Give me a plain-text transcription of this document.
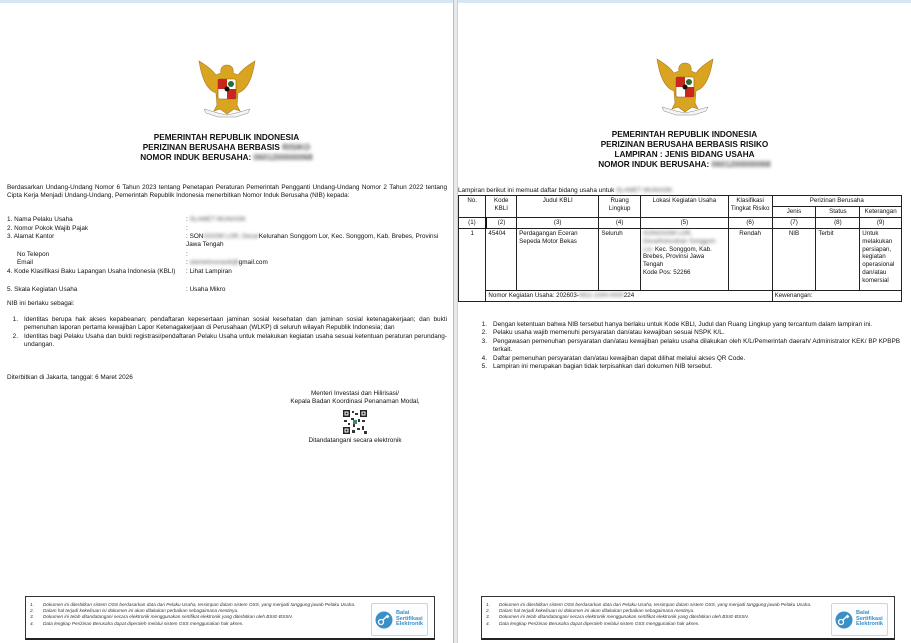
PEMERINTAH REPUBLIK INDONESIA
PERIZINAN BERUSAHA BERBASIS RISIKO
NOMOR INDUK BERUSAHA: 0601200000068
Berdasarkan Undang-Undang Nomor 6 Tahun 2023 tentang Penetapan Peraturan Pemerintah Pengganti Undang-Undang Nomor 2 Tahun 2022 tentang Cipta Kerja Menjadi Undang-Undang, Pemerintah Republik Indonesia menerbitkan Nomor Induk Berusaha (NIB) kepada:
1. Nama Pelaku Usaha	: SLAMET MUNASIK
2. Nomor Pokok Wajib Pajak	:
3. Alamat Kantor	: SONGGOM LOR, Desa/Kelurahan Songgom Lor, Kec. Songgom, Kab. Brebes, Provinsi Jawa Tengah
No Telepon	:
Email	: slametmunasik@gmail.com
4. Kode Klasifikasi Baku Lapangan Usaha Indonesia (KBLI)	: Lihat Lampiran
5. Skala Kegiatan Usaha	: Usaha Mikro
NIB ini berlaku sebagai:
1. Identitas berupa hak akses kepabeanan; pendaftaran kepesertaan jaminan sosial kesehatan dan jaminan sosial ketenagakerjaan; dan bukti pemenuhan laporan pertama kewajiban Lapor Ketenagakerjaan di Perusahaan (WLKP) di seluruh wilayah Republik Indonesia; dan
2. Identitas bagi Pelaku Usaha dan bukti registrasi/pendaftaran Pelaku Usaha untuk melakukan kegiatan usaha sesuai ketentuan peraturan perundang-undangan.
Diterbitkan di Jakarta, tanggal: 6 Maret 2026
Menteri Investasi dan Hilirisasi/
Kepala Badan Koordinasi Penanaman Modal,
Ditandatangani secara elektronik
1.	Dokumen ini diterbitkan sistem OSS berdasarkan data dari Pelaku Usaha, tersimpan dalam sistem OSS, yang menjadi tanggung jawab Pelaku Usaha.
2.	Dalam hal terjadi kekeliruan isi dokumen ini akan dilakukan perbaikan sebagaimana mestinya.
3.	Dokumen ini telah ditandatangani secara elektronik menggunakan sertifikat elektronik yang diterbitkan oleh BSrE-BSSN.
4.	Data lengkap Perizinan Berusaha dapat diperoleh melalui sistem OSS menggunakan hak akses.
Balai
Sertifikasi
Elektronik
PEMERINTAH REPUBLIK INDONESIA
PERIZINAN BERUSAHA BERBASIS RISIKO
LAMPIRAN : JENIS BIDANG USAHA
NOMOR INDUK BERUSAHA: 0601200000068
Lampiran berikut ini memuat daftar bidang usaha untuk SLAMET MUNASIK
No.	Kode KBLI	Judul KBLI	Ruang Lingkup	Lokasi Kegiatan Usaha	Klasifikasi Tingkat Risiko	Perizinan Berusaha		
						Jenis	Status	Keterangan
(1)	(2)	(3)	(4)	(5)	(6)	(7)	(8)	(9)
1	45404	Perdagangan Eceran Sepeda Motor Bekas	Seluruh	SONGGOM LOR, Desa/Kelurahan Songgom Lor, Kec. Songgom, Kab. Brebes, Provinsi Jawa Tengah
Kode Pos: 52266	Rendah	NIB	Terbit	Untuk melakukan persiapan, kegiatan operasional dan/atau komersial
	Nomor Kegiatan Usaha: 202603-0611-1000-0000224					Kewenangan:		
1. Dengan ketentuan bahwa NIB tersebut hanya berlaku untuk Kode KBLI, Judul dan Ruang Lingkup yang tercantum dalam lampiran ini.
2. Pelaku usaha wajib memenuhi persyaratan dan/atau kewajiban sesuai NSPK K/L.
3. Pengawasan pemenuhan persyaratan dan/atau kewajiban pelaku usaha dilakukan oleh K/L/Pemerintah daerah/ Administrator KEK/ BP KPBPB terkait.
4. Daftar pemenuhan persyaratan dan/atau kewajiban dapat dilihat melalui akses QR Code.
5. Lampiran ini merupakan bagian tidak terpisahkan dari dokumen NIB tersebut.
1.	Dokumen ini diterbitkan sistem OSS berdasarkan data dari Pelaku Usaha, tersimpan dalam sistem OSS, yang menjadi tanggung jawab Pelaku Usaha.
2.	Dalam hal terjadi kekeliruan isi dokumen ini akan dilakukan perbaikan sebagaimana mestinya.
3.	Dokumen ini telah ditandatangani secara elektronik menggunakan sertifikat elektronik yang diterbitkan oleh BSrE-BSSN.
4.	Data lengkap Perizinan Berusaha dapat diperoleh melalui sistem OSS menggunakan hak akses.
Balai
Sertifikasi
Elektronik
